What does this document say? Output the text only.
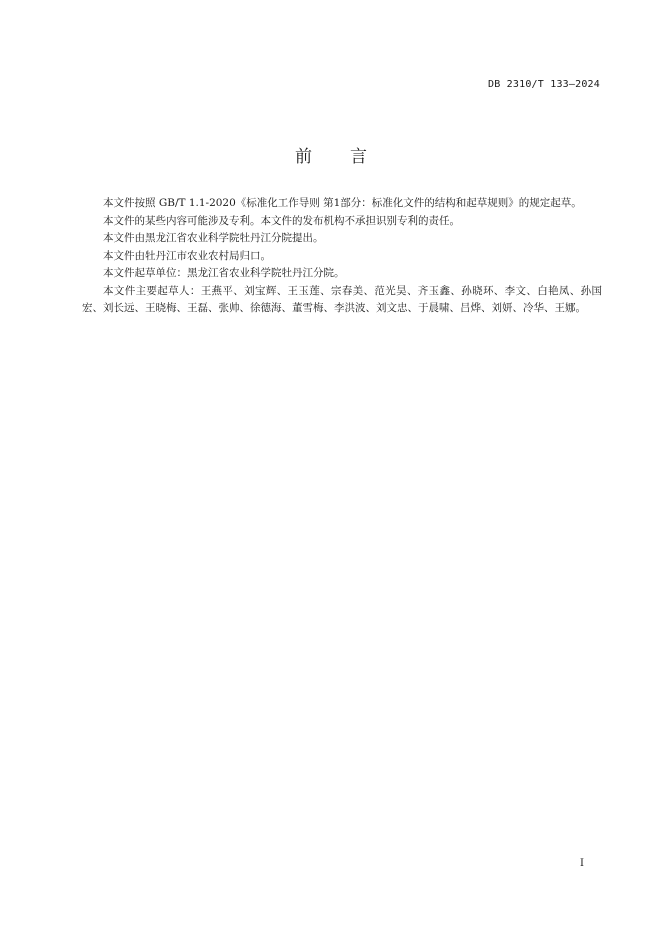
DB 2310/T 133—2024
前 言

本文件按照 GB/T 1.1-2020《标准化工作导则 第1部分：标准化文件的结构和起草规则》的规定起草。

本文件的某些内容可能涉及专利。本文件的发布机构不承担识别专利的责任。

本文件由黑龙江省农业科学院牡丹江分院提出。

本文件由牡丹江市农业农村局归口。

本文件起草单位：黑龙江省农业科学院牡丹江分院。

本文件主要起草人：王燕平、刘宝辉、王玉莲、宗春美、范光昊、齐玉鑫、孙晓环、李文、白艳凤、孙国宏、刘长远、王晓梅、王磊、张帅、徐德海、董雪梅、李洪波、刘文忠、于晨啸、吕烨、刘妍、冷华、王娜。

I
